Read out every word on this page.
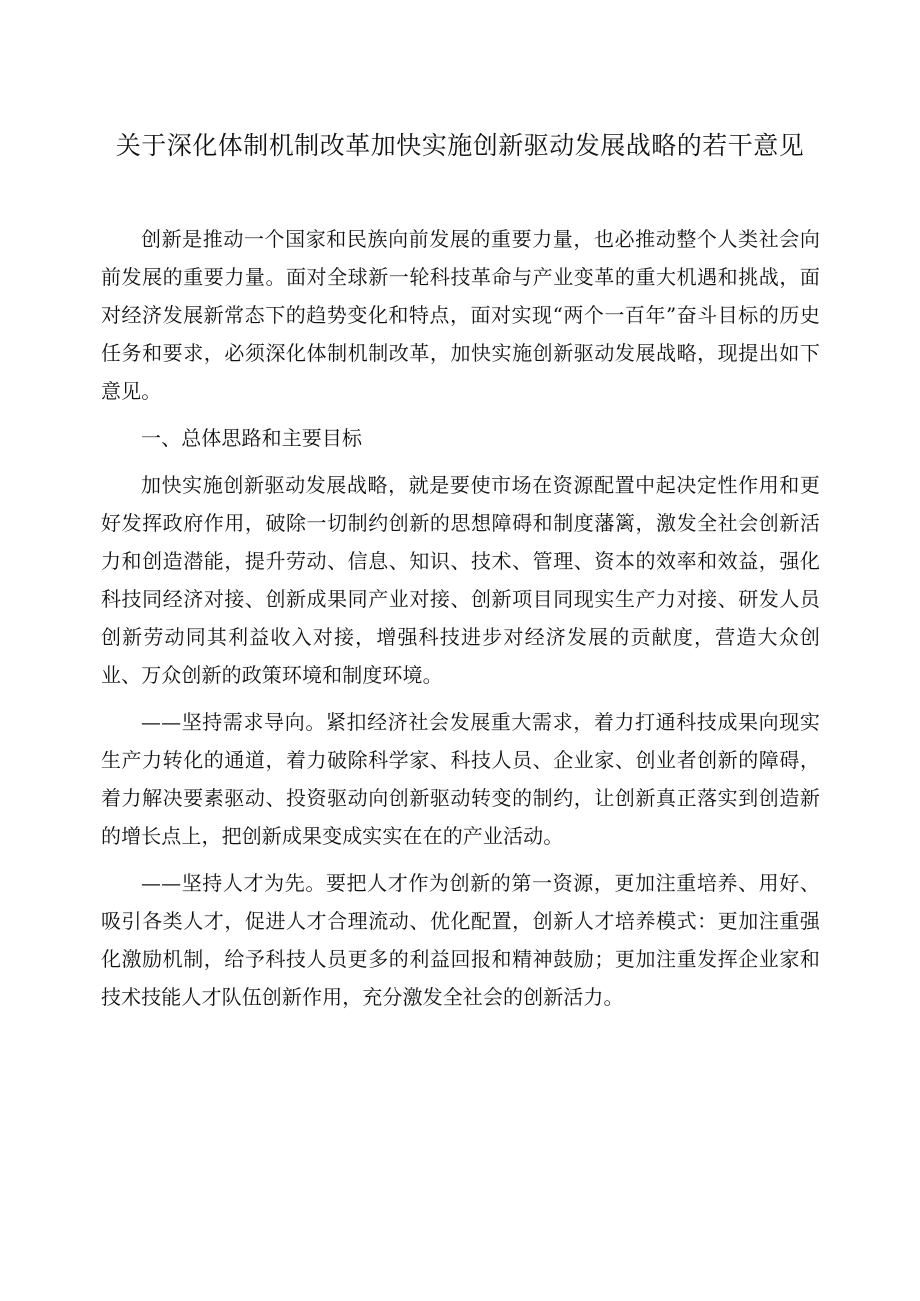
关于深化体制机制改革加快实施创新驱动发展战略的若干意见

创新是推动一个国家和民族向前发展的重要力量，也必推动整个人类社会向前发展的重要力量。面对全球新一轮科技革命与产业变革的重大机遇和挑战，面对经济发展新常态下的趋势变化和特点，面对实现“两个一百年”奋斗目标的历史任务和要求，必须深化体制机制改革，加快实施创新驱动发展战略，现提出如下意见。

一、总体思路和主要目标

加快实施创新驱动发展战略，就是要使市场在资源配置中起决定性作用和更好发挥政府作用，破除一切制约创新的思想障碍和制度藩篱，激发全社会创新活力和创造潜能，提升劳动、信息、知识、技术、管理、资本的效率和效益，强化科技同经济对接、创新成果同产业对接、创新项目同现实生产力对接、研发人员创新劳动同其利益收入对接，增强科技进步对经济发展的贡献度，营造大众创业、万众创新的政策环境和制度环境。

——坚持需求导向。紧扣经济社会发展重大需求，着力打通科技成果向现实生产力转化的通道，着力破除科学家、科技人员、企业家、创业者创新的障碍，着力解决要素驱动、投资驱动向创新驱动转变的制约，让创新真正落实到创造新的增长点上，把创新成果变成实实在在的产业活动。

——坚持人才为先。要把人才作为创新的第一资源，更加注重培养、用好、吸引各类人才，促进人才合理流动、优化配置，创新人才培养模式：更加注重强化激励机制，给予科技人员更多的利益回报和精神鼓励；更加注重发挥企业家和技术技能人才队伍创新作用，充分激发全社会的创新活力。
